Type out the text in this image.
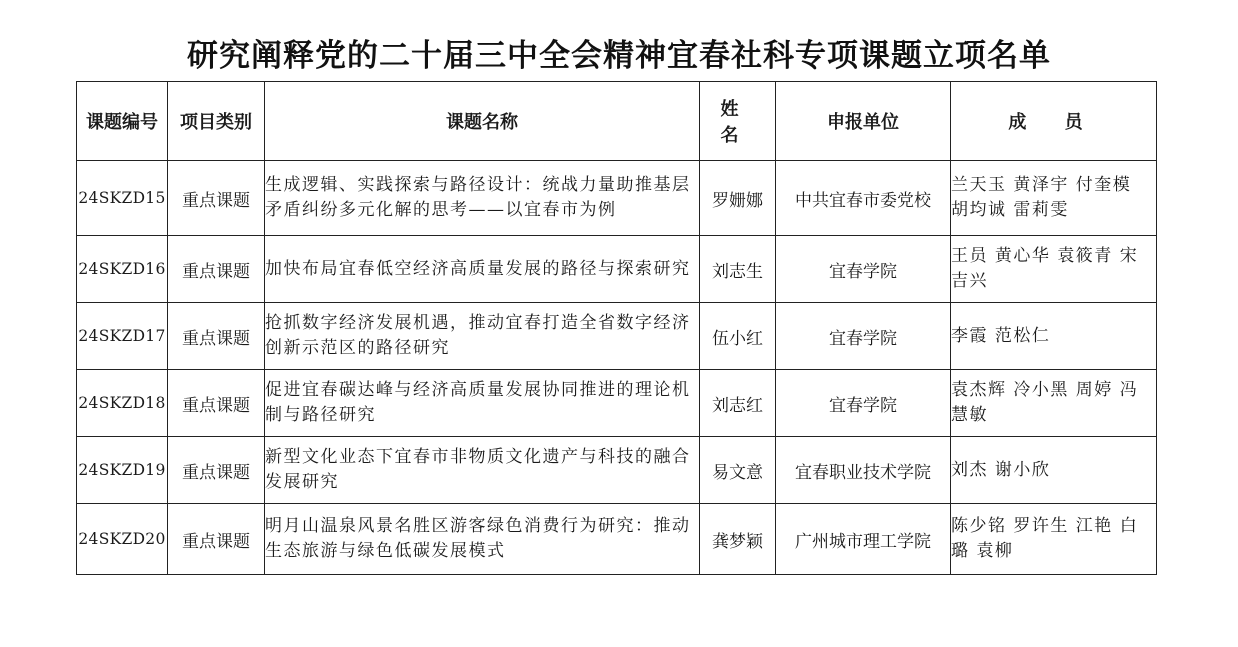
研究阐释党的二十届三中全会精神宜春社科专项课题立项名单
课题编号	项目类别	课题名称	姓 名	申报单位	成 员
24SKZD15	重点课题	生成逻辑、实践探索与路径设计：统战力量助推基层矛盾纠纷多元化解的思考——以宜春市为例	罗姗娜	中共宜春市委党校	兰天玉 黄泽宇 付奎模 胡均诚 雷莉雯
24SKZD16	重点课题	加快布局宜春低空经济高质量发展的路径与探索研究	刘志生	宜春学院	王员 黄心华 袁筱青 宋吉兴
24SKZD17	重点课题	抢抓数字经济发展机遇，推动宜春打造全省数字经济创新示范区的路径研究	伍小红	宜春学院	李霞 范松仁
24SKZD18	重点课题	促进宜春碳达峰与经济高质量发展协同推进的理论机制与路径研究	刘志红	宜春学院	袁杰辉 冷小黑 周婷 冯慧敏
24SKZD19	重点课题	新型文化业态下宜春市非物质文化遗产与科技的融合发展研究	易文意	宜春职业技术学院	刘杰 谢小欣
24SKZD20	重点课题	明月山温泉风景名胜区游客绿色消费行为研究：推动生态旅游与绿色低碳发展模式	龚梦颖	广州城市理工学院	陈少铭 罗许生 江艳 白璐 袁柳
